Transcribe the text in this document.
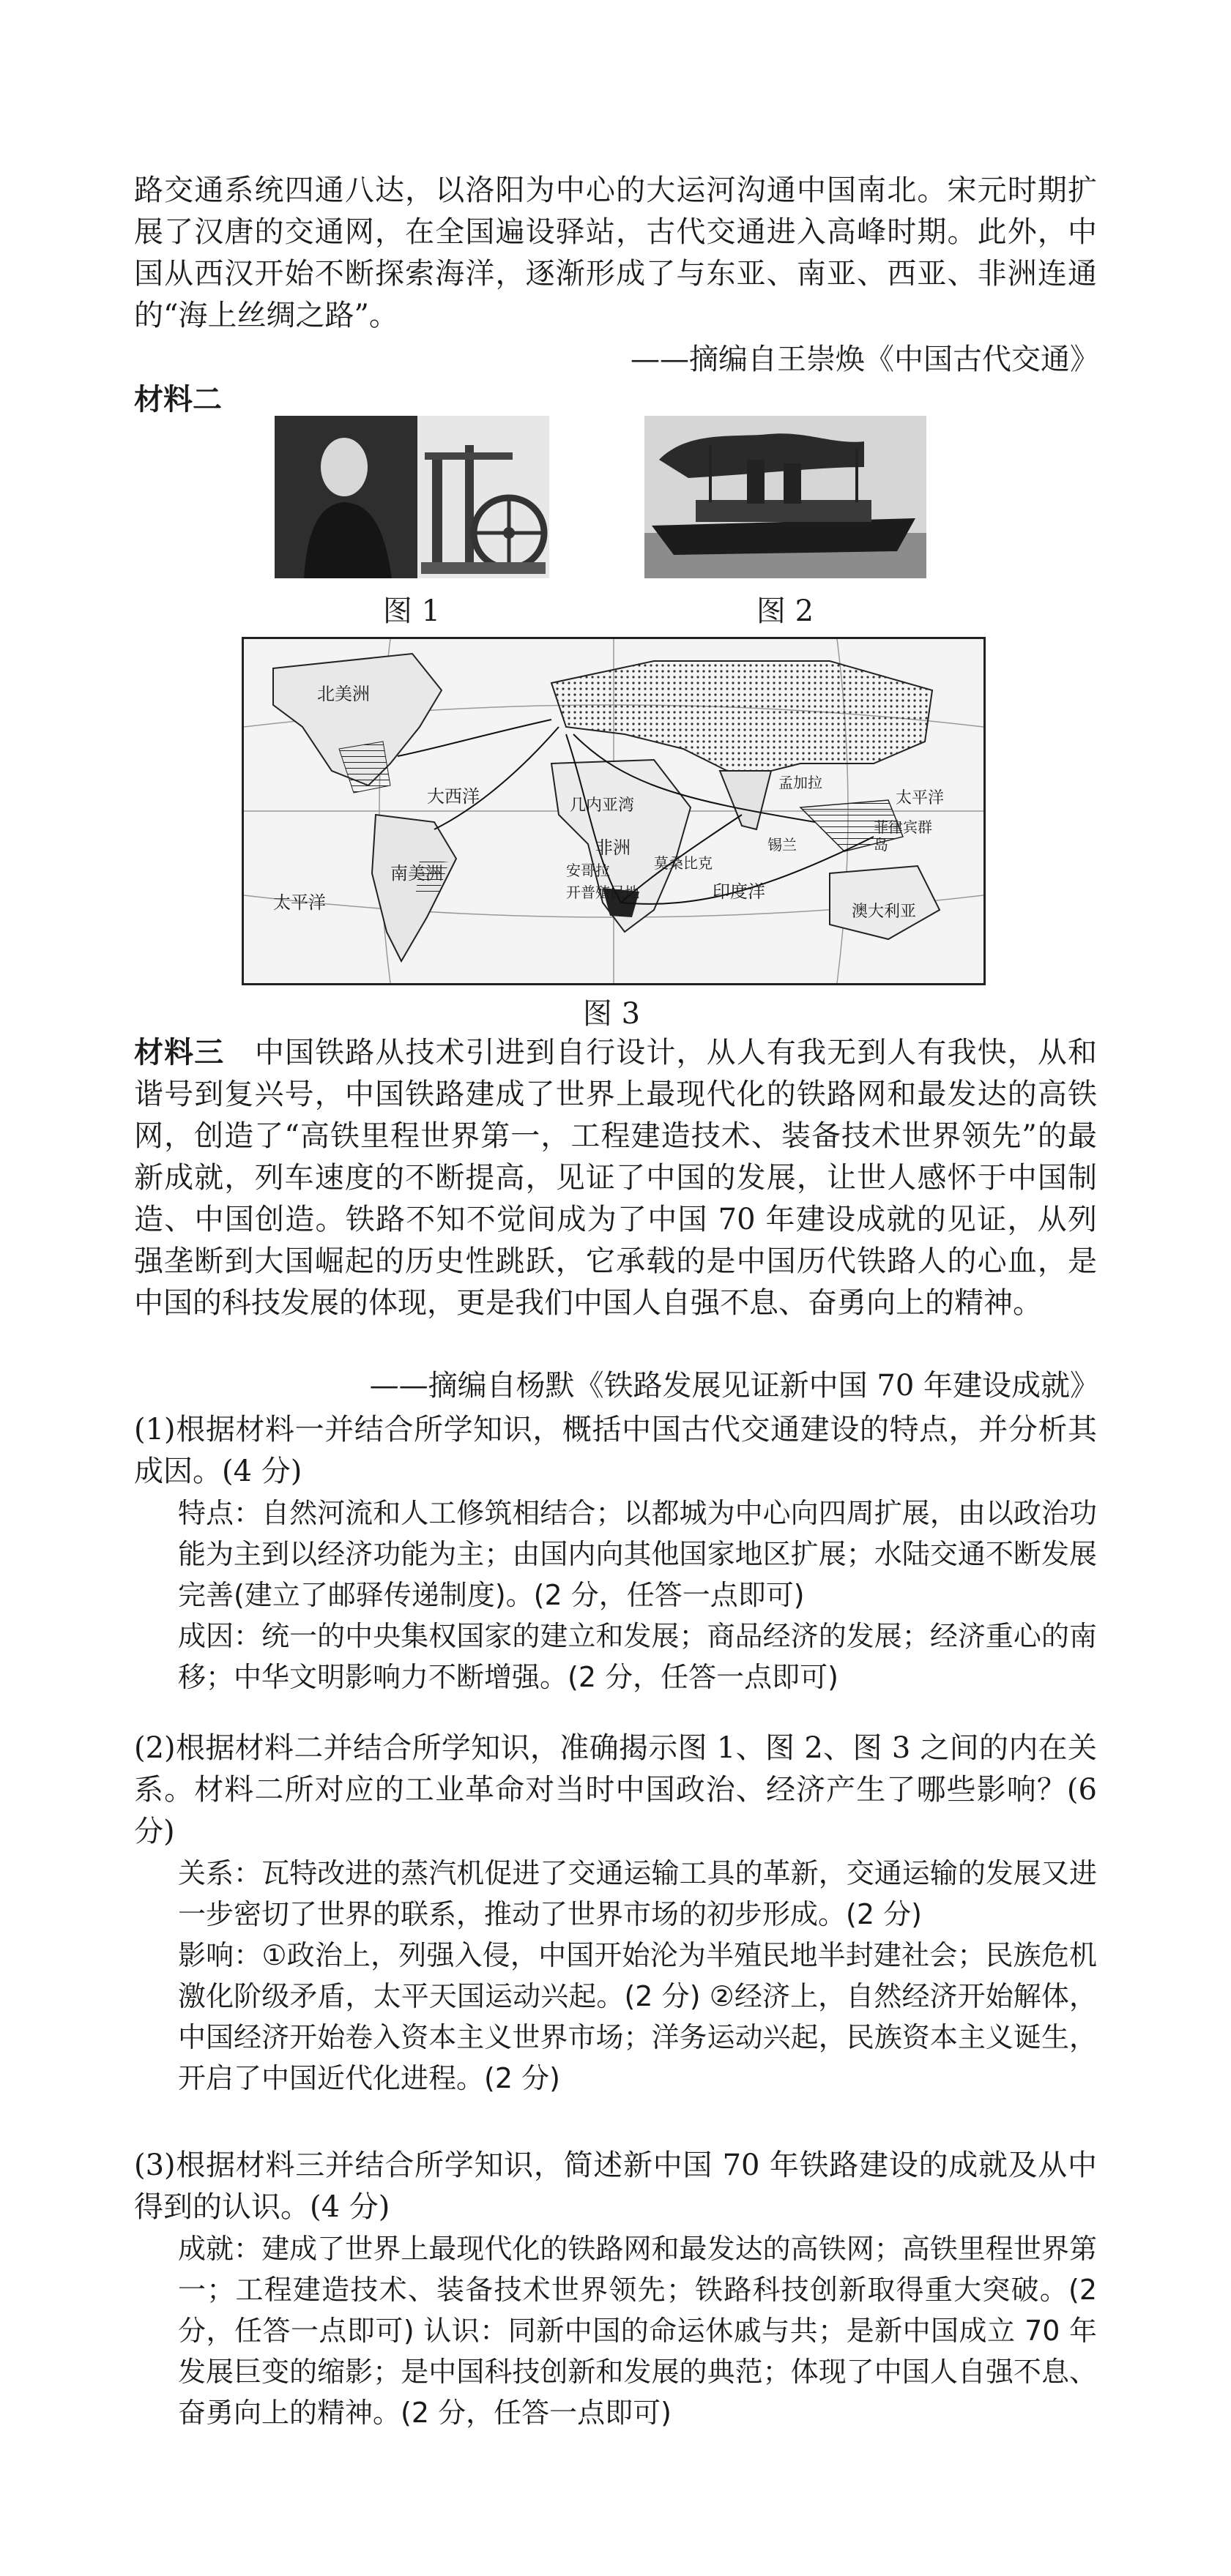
路交通系统四通八达，以洛阳为中心的大运河沟通中国南北。宋元时期扩展了汉唐的交通网，在全国遍设驿站，古代交通进入高峰时期。此外，中国从西汉开始不断探索海洋，逐渐形成了与东亚、南亚、西亚、非洲连通的“海上丝绸之路”。

——摘编自王崇焕《中国古代交通》
材料二
图 1	图 2
北美洲
大西洋
太平洋
南美洲
几内亚湾
非洲
安哥拉
开普殖民地
莫桑比克
印度洋
孟加拉
锡兰
太平洋
菲律宾群岛
澳大利亚
图 3

材料三 中国铁路从技术引进到自行设计，从人有我无到人有我快，从和谐号到复兴号，中国铁路建成了世界上最现代化的铁路网和最发达的高铁网，创造了“高铁里程世界第一，工程建造技术、装备技术世界领先”的最新成就，列车速度的不断提高，见证了中国的发展，让世人感怀于中国制造、中国创造。铁路不知不觉间成为了中国 70 年建设成就的见证，从列强垄断到大国崛起的历史性跳跃，它承载的是中国历代铁路人的心血，是中国的科技发展的体现，更是我们中国人自强不息、奋勇向上的精神。

——摘编自杨默《铁路发展见证新中国 70 年建设成就》

(1)根据材料一并结合所学知识，概括中国古代交通建设的特点，并分析其成因。(4 分)

特点：自然河流和人工修筑相结合；以都城为中心向四周扩展，由以政治功能为主到以经济功能为主；由国内向其他国家地区扩展；水陆交通不断发展完善(建立了邮驿传递制度)。(2 分，任答一点即可)

成因：统一的中央集权国家的建立和发展；商品经济的发展；经济重心的南移；中华文明影响力不断增强。(2 分，任答一点即可)

(2)根据材料二并结合所学知识，准确揭示图 1、图 2、图 3 之间的内在关系。材料二所对应的工业革命对当时中国政治、经济产生了哪些影响？(6 分)

关系：瓦特改进的蒸汽机促进了交通运输工具的革新，交通运输的发展又进一步密切了世界的联系，推动了世界市场的初步形成。(2 分)

影响：①政治上，列强入侵，中国开始沦为半殖民地半封建社会；民族危机激化阶级矛盾，太平天国运动兴起。(2 分) ②经济上，自然经济开始解体，中国经济开始卷入资本主义世界市场；洋务运动兴起，民族资本主义诞生，开启了中国近代化进程。(2 分)

(3)根据材料三并结合所学知识，简述新中国 70 年铁路建设的成就及从中得到的认识。(4 分)

成就：建成了世界上最现代化的铁路网和最发达的高铁网；高铁里程世界第一；工程建造技术、装备技术世界领先；铁路科技创新取得重大突破。(2 分，任答一点即可) 认识：同新中国的命运休戚与共；是新中国成立 70 年发展巨变的缩影；是中国科技创新和发展的典范；体现了中国人自强不息、奋勇向上的精神。(2 分，任答一点即可)
